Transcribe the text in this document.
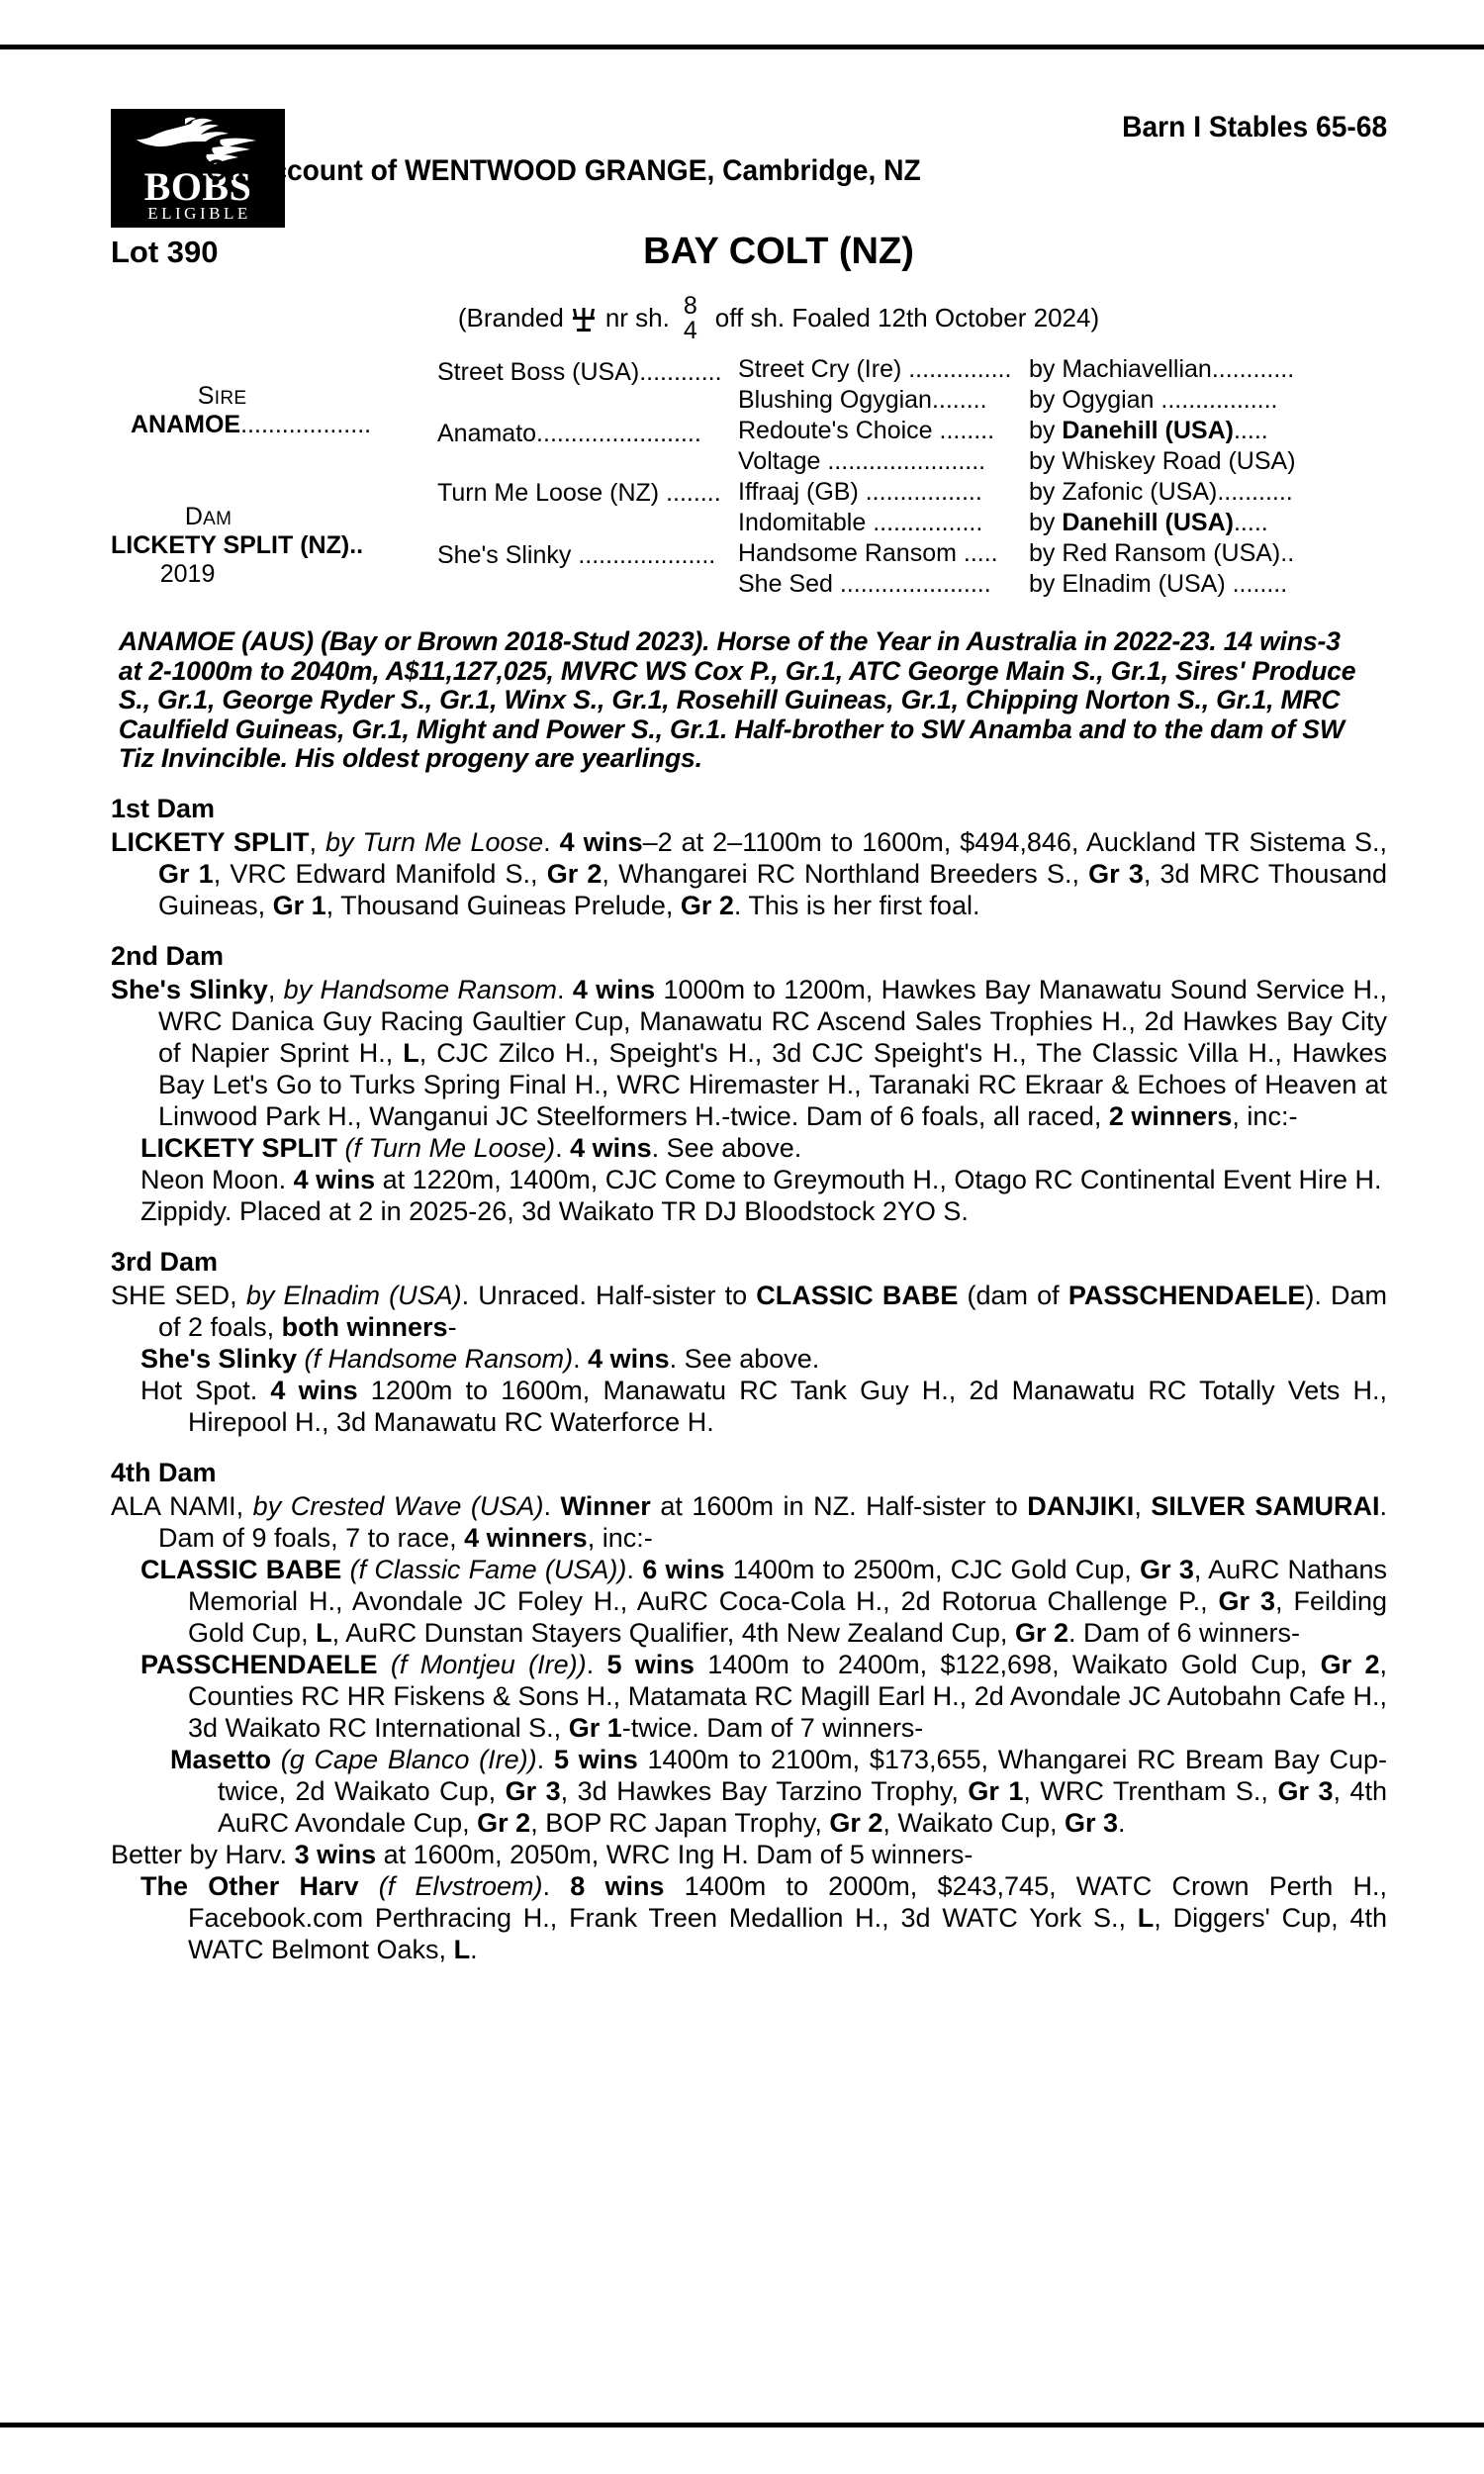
BOBS
ELIGIBLE
Barn I Stables 65-68
On Account of WENTWOOD GRANGE, Cambridge, NZ
Lot 390	BAY COLT (NZ)
(Branded nr sh. 8
4 off sh. Foaled 12th October 2024)
SIRE
ANAMOE...................
DAM
LICKETY SPLIT (NZ)..
2019
Street Boss (USA)............
Anamato........................
Turn Me Loose (NZ) ........
She's Slinky ....................
Street Cry (Ire) ...............
Blushing Ogygian........
Redoute's Choice ........
Voltage .......................
Iffraaj (GB) .................
Indomitable ................
Handsome Ransom .....
She Sed ......................
by Machiavellian............
by Ogygian .................
by Danehill (USA).....
by Whiskey Road (USA)
by Zafonic (USA)...........
by Danehill (USA).....
by Red Ransom (USA)..
by Elnadim (USA) ........
ANAMOE (AUS) (Bay or Brown 2018-Stud 2023). Horse of the Year in Australia in 2022-23. 14 wins-3 at 2-1000m to 2040m, A$11,127,025, MVRC WS Cox P., Gr.1, ATC George Main S., Gr.1, Sires' Produce S., Gr.1, George Ryder S., Gr.1, Winx S., Gr.1, Rosehill Guineas, Gr.1, Chipping Norton S., Gr.1, MRC Caulfield Guineas, Gr.1, Might and Power S., Gr.1. Half-brother to SW Anamba and to the dam of SW Tiz Invincible. His oldest progeny are yearlings.
1st Dam
LICKETY SPLIT, by Turn Me Loose. 4 wins–2 at 2–1100m to 1600m, $494,846, Auckland TR Sistema S., Gr 1, VRC Edward Manifold S., Gr 2, Whangarei RC Northland Breeders S., Gr 3, 3d MRC Thousand Guineas, Gr 1, Thousand Guineas Prelude, Gr 2. This is her first foal.
2nd Dam
She's Slinky, by Handsome Ransom. 4 wins 1000m to 1200m, Hawkes Bay Manawatu Sound Service H., WRC Danica Guy Racing Gaultier Cup, Manawatu RC Ascend Sales Trophies H., 2d Hawkes Bay City of Napier Sprint H., L, CJC Zilco H., Speight's H., 3d CJC Speight's H., The Classic Villa H., Hawkes Bay Let's Go to Turks Spring Final H., WRC Hiremaster H., Taranaki RC Ekraar & Echoes of Heaven at Linwood Park H., Wanganui JC Steelformers H.-twice. Dam of 6 foals, all raced, 2 winners, inc:-
LICKETY SPLIT (f Turn Me Loose). 4 wins. See above.
Neon Moon. 4 wins at 1220m, 1400m, CJC Come to Greymouth H., Otago RC Continental Event Hire H.
Zippidy. Placed at 2 in 2025-26, 3d Waikato TR DJ Bloodstock 2YO S.
3rd Dam
SHE SED, by Elnadim (USA). Unraced. Half-sister to CLASSIC BABE (dam of PASSCHENDAELE). Dam of 2 foals, both winners-
She's Slinky (f Handsome Ransom). 4 wins. See above.
Hot Spot. 4 wins 1200m to 1600m, Manawatu RC Tank Guy H., 2d Manawatu RC Totally Vets H., Hirepool H., 3d Manawatu RC Waterforce H.
4th Dam
ALA NAMI, by Crested Wave (USA). Winner at 1600m in NZ. Half-sister to DANJIKI, SILVER SAMURAI. Dam of 9 foals, 7 to race, 4 winners, inc:-
CLASSIC BABE (f Classic Fame (USA)). 6 wins 1400m to 2500m, CJC Gold Cup, Gr 3, AuRC Nathans Memorial H., Avondale JC Foley H., AuRC Coca-Cola H., 2d Rotorua Challenge P., Gr 3, Feilding Gold Cup, L, AuRC Dunstan Stayers Qualifier, 4th New Zealand Cup, Gr 2. Dam of 6 winners-
PASSCHENDAELE (f Montjeu (Ire)). 5 wins 1400m to 2400m, $122,698, Waikato Gold Cup, Gr 2, Counties RC HR Fiskens & Sons H., Matamata RC Magill Earl H., 2d Avondale JC Autobahn Cafe H., 3d Waikato RC International S., Gr 1-twice. Dam of 7 winners-
Masetto (g Cape Blanco (Ire)). 5 wins 1400m to 2100m, $173,655, Whangarei RC Bream Bay Cup-twice, 2d Waikato Cup, Gr 3, 3d Hawkes Bay Tarzino Trophy, Gr 1, WRC Trentham S., Gr 3, 4th AuRC Avondale Cup, Gr 2, BOP RC Japan Trophy, Gr 2, Waikato Cup, Gr 3.
Better by Harv. 3 wins at 1600m, 2050m, WRC Ing H. Dam of 5 winners-
The Other Harv (f Elvstroem). 8 wins 1400m to 2000m, $243,745, WATC Crown Perth H., Facebook.com Perthracing H., Frank Treen Medallion H., 3d WATC York S., L, Diggers' Cup, 4th WATC Belmont Oaks, L.
